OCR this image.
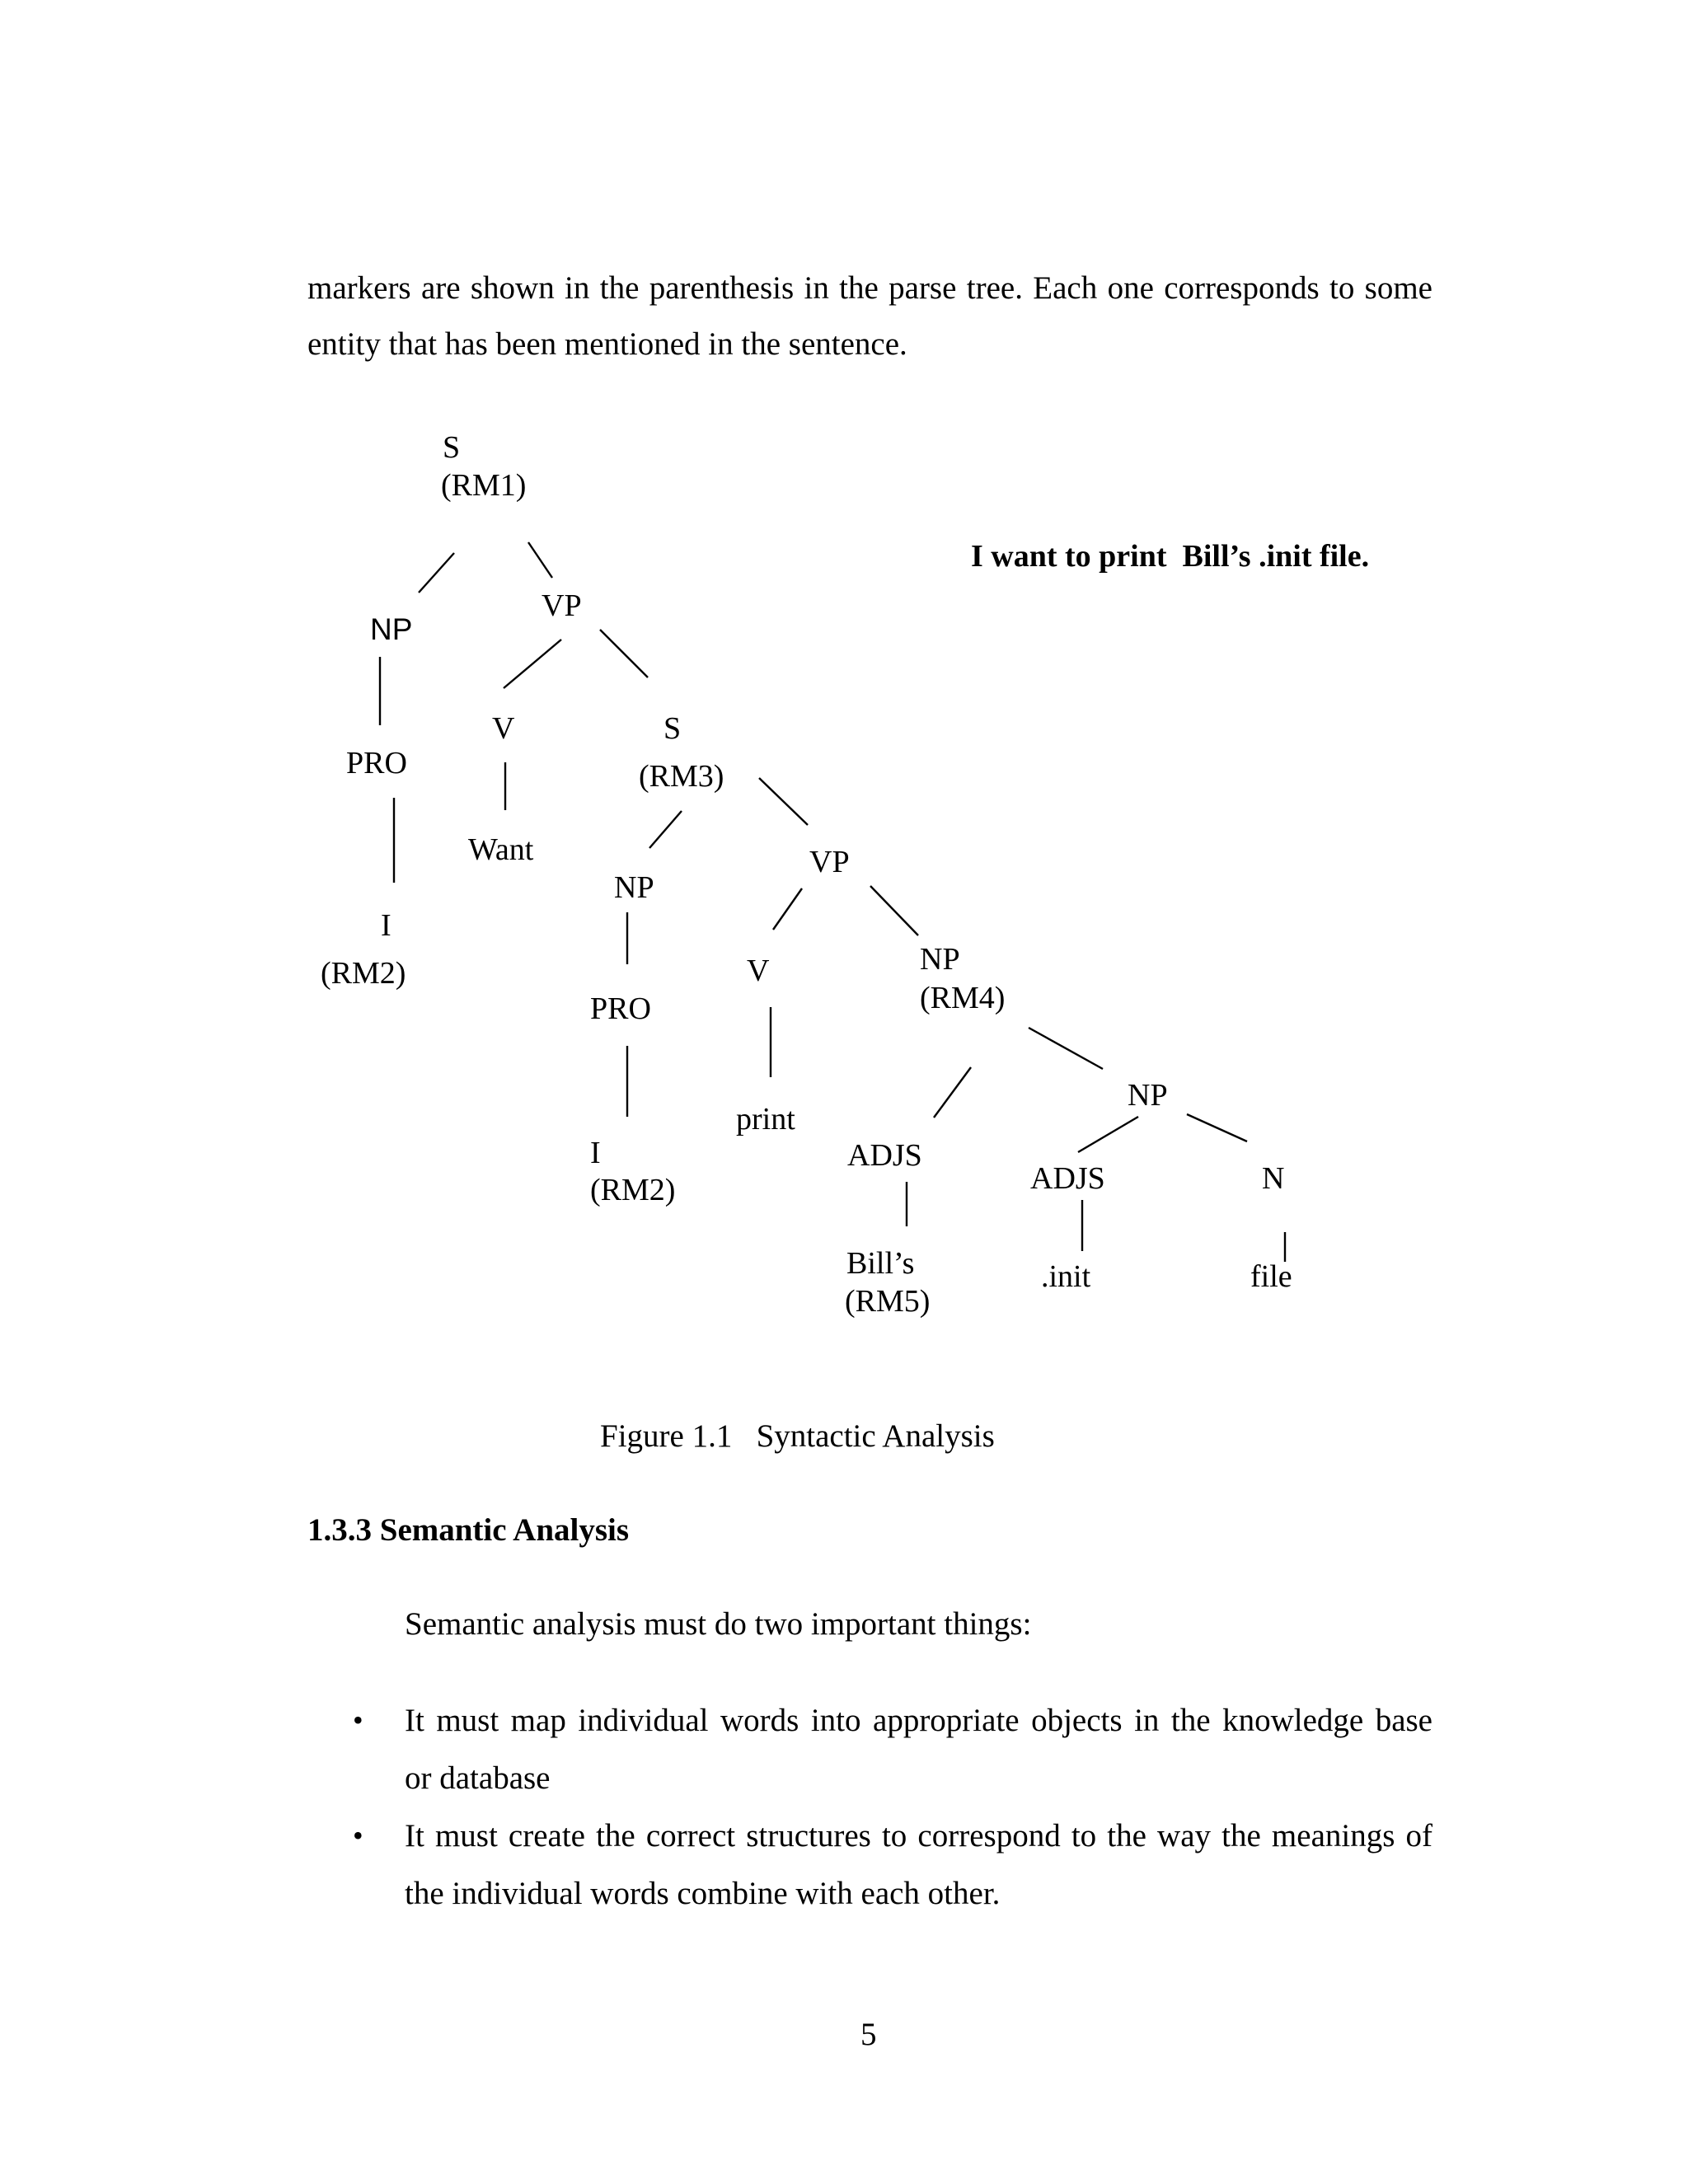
markers are shown in the parenthesis in the parse tree. Each one corresponds to some
entity that has been mentioned in the sentence.

S
(RM1)
NP
VP
PRO
I
(RM2)
V
Want
S
(RM3)
NP
PRO
I
(RM2)
VP
V
print
NP
(RM4)
ADJS
Bill’s
(RM5)
NP
ADJS
.init
N
file

I want to print  Bill’s .init file.

Figure 1.1   Syntactic Analysis

1.3.3 Semantic Analysis

Semantic analysis must do two important things:

• It must map individual words into appropriate objects in the knowledge base
or database

• It must create the correct structures to correspond to the way the meanings of
the individual words combine with each other.

5
